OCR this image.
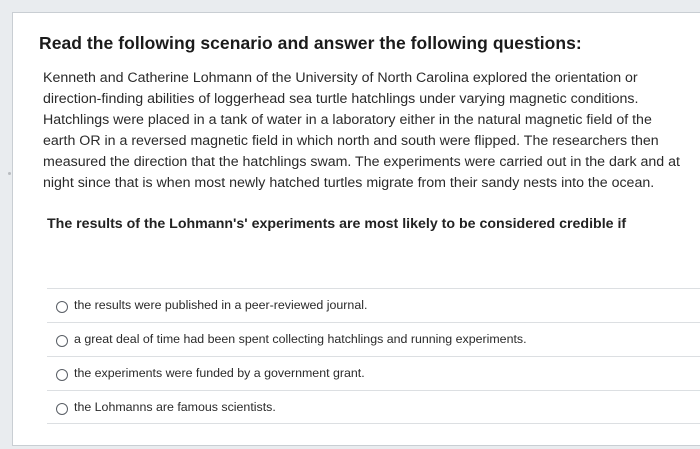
Read the following scenario and answer the following questions:
Kenneth and Catherine Lohmann of the University of North Carolina explored the orientation or
direction-finding abilities of loggerhead sea turtle hatchlings under varying magnetic conditions.
Hatchlings were placed in a tank of water in a laboratory either in the natural magnetic field of the
earth OR in a reversed magnetic field in which north and south were flipped. The researchers then
measured the direction that the hatchlings swam. The experiments were carried out in the dark and at
night since that is when most newly hatched turtles migrate from their sandy nests into the ocean.

The results of the Lohmann's' experiments are most likely to be considered credible if

the results were published in a peer-reviewed journal.
a great deal of time had been spent collecting hatchlings and running experiments.
the experiments were funded by a government grant.
the Lohmanns are famous scientists.
